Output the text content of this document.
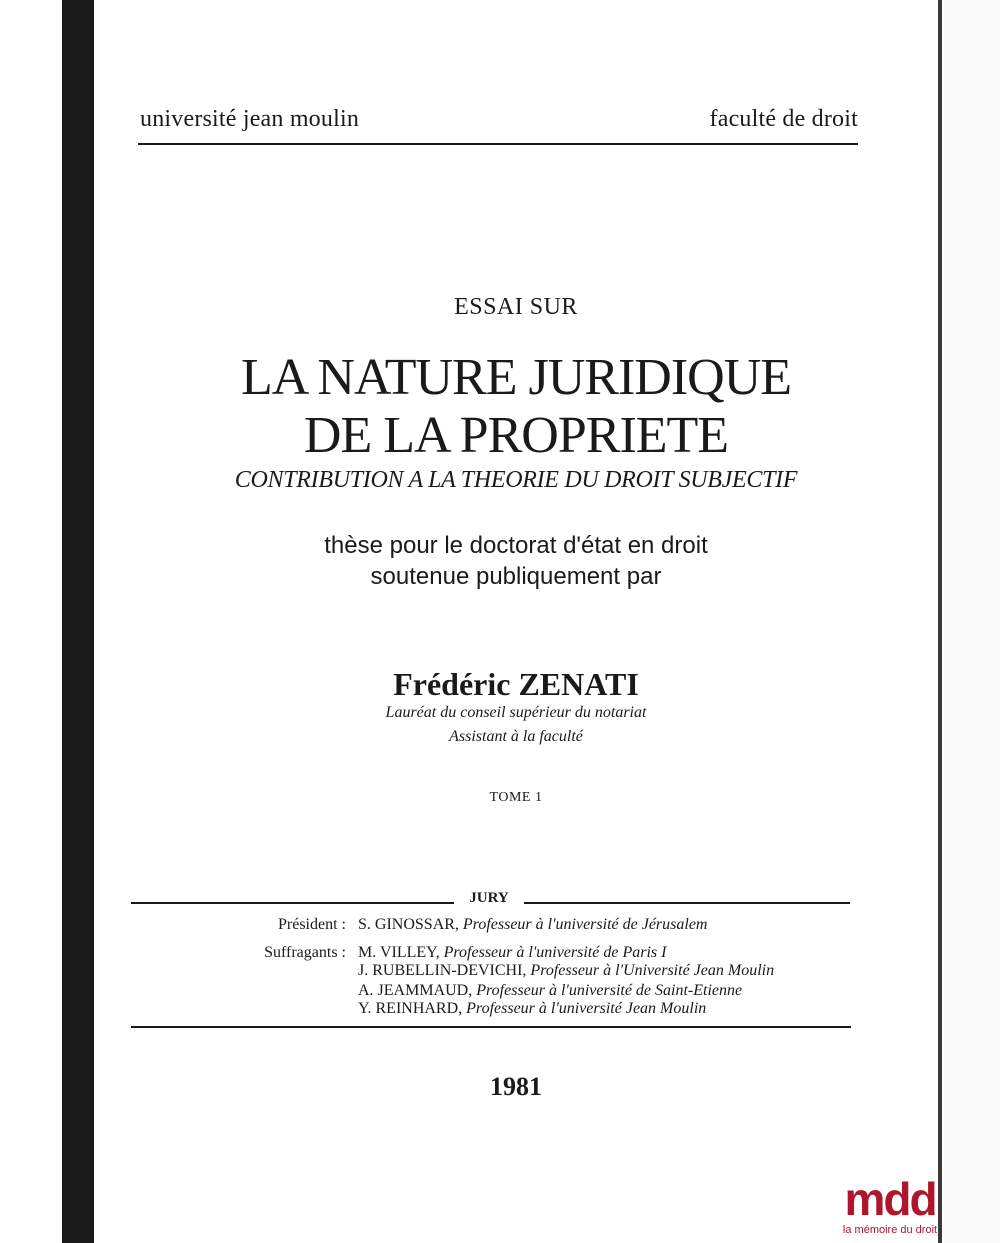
université jean moulin	faculté de droit
ESSAI SUR
LA NATURE JURIDIQUE
DE LA PROPRIETE
CONTRIBUTION A LA THEORIE DU DROIT SUBJECTIF
thèse pour le doctorat d'état en droit
soutenue publiquement par
Frédéric ZENATI
Lauréat du conseil supérieur du notariat
Assistant à la faculté
TOME 1
JURY
Président :
Suffragants :
S. GINOSSAR, Professeur à l'université de Jérusalem
M. VILLEY, Professeur à l'université de Paris I
J. RUBELLIN-DEVICHI, Professeur à l'Université Jean Moulin
A. JEAMMAUD, Professeur à l'université de Saint-Etienne
Y. REINHARD, Professeur à l'université Jean Moulin
1981
mdd
la mémoire du droit
